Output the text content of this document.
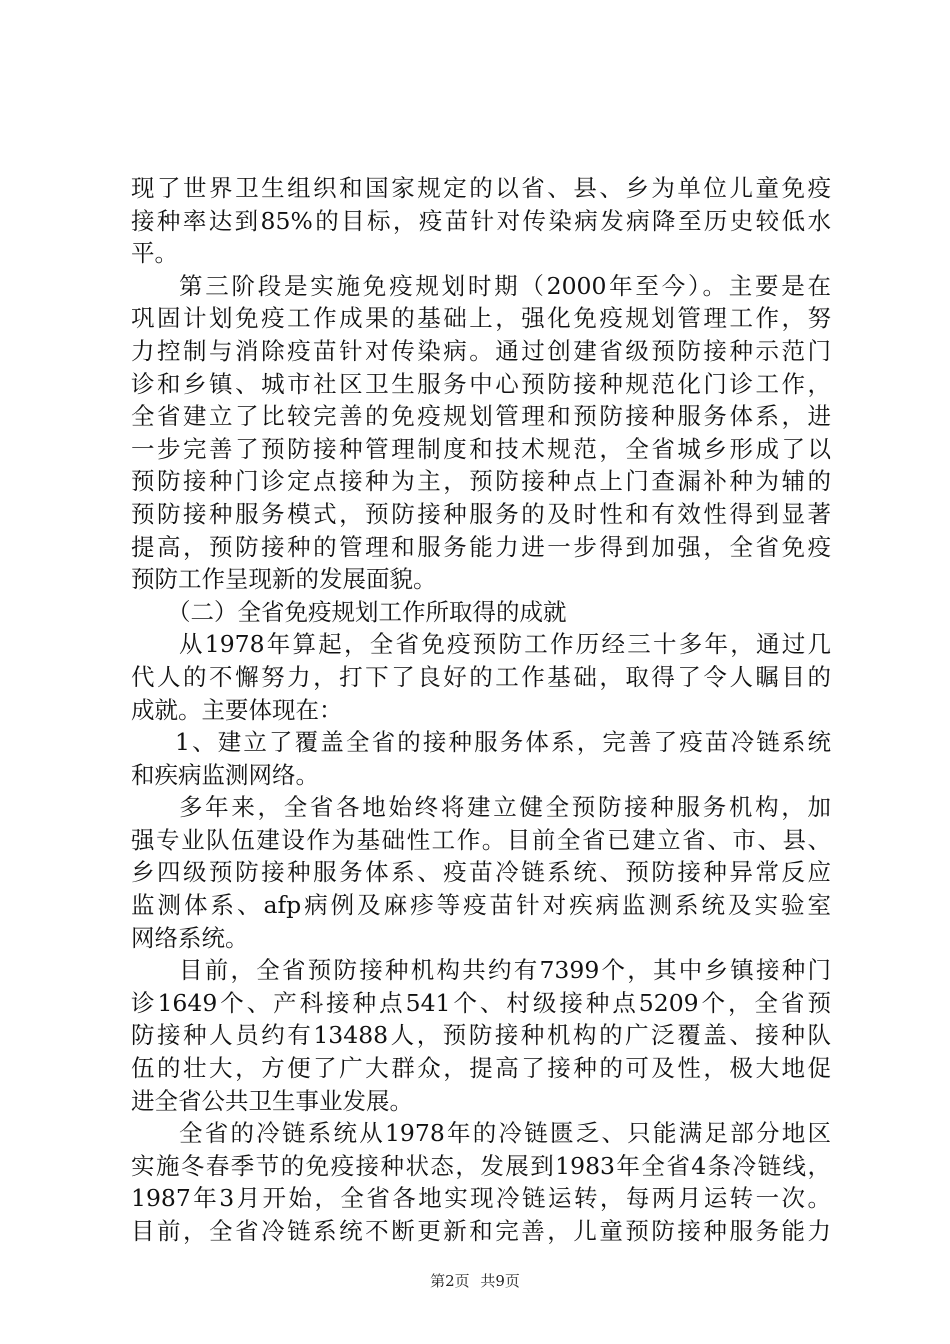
现了世界卫生组织和国家规定的以省、县、乡为单位儿童免疫
接种率达到85%的目标，疫苗针对传染病发病降至历史较低水
平。
第三阶段是实施免疫规划时期（2000年至今）。主要是在
巩固计划免疫工作成果的基础上，强化免疫规划管理工作，努
力控制与消除疫苗针对传染病。通过创建省级预防接种示范门
诊和乡镇、城市社区卫生服务中心预防接种规范化门诊工作，
全省建立了比较完善的免疫规划管理和预防接种服务体系，进
一步完善了预防接种管理制度和技术规范，全省城乡形成了以
预防接种门诊定点接种为主，预防接种点上门查漏补种为辅的
预防接种服务模式，预防接种服务的及时性和有效性得到显著
提高，预防接种的管理和服务能力进一步得到加强，全省免疫
预防工作呈现新的发展面貌。
（二）全省免疫规划工作所取得的成就
从1978年算起，全省免疫预防工作历经三十多年，通过几
代人的不懈努力，打下了良好的工作基础，取得了令人瞩目的
成就。主要体现在：
1、建立了覆盖全省的接种服务体系，完善了疫苗冷链系统
和疾病监测网络。
多年来，全省各地始终将建立健全预防接种服务机构，加
强专业队伍建设作为基础性工作。目前全省已建立省、市、县、
乡四级预防接种服务体系、疫苗冷链系统、预防接种异常反应
监测体系、afp病例及麻疹等疫苗针对疾病监测系统及实验室
网络系统。
目前，全省预防接种机构共约有7399个，其中乡镇接种门
诊1649个、产科接种点541个、村级接种点5209个，全省预
防接种人员约有13488人，预防接种机构的广泛覆盖、接种队
伍的壮大，方便了广大群众，提高了接种的可及性，极大地促
进全省公共卫生事业发展。
全省的冷链系统从1978年的冷链匮乏、只能满足部分地区
实施冬春季节的免疫接种状态，发展到1983年全省4条冷链线，
1987年3月开始，全省各地实现冷链运转，每两月运转一次。
目前，全省冷链系统不断更新和完善，儿童预防接种服务能力
第2页 共9页
